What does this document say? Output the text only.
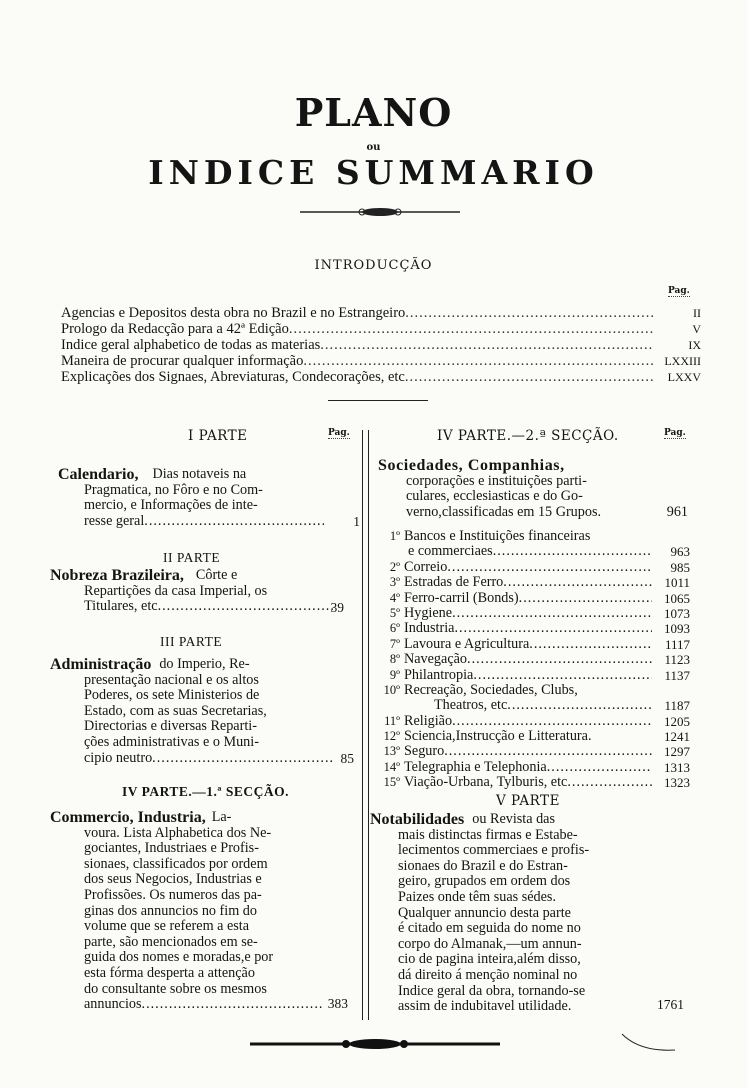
PLANO
ou
INDICE SUMMARIO
INTRODUCÇÃO
Pag.
Agencias e Depositos desta obra no Brazil e no Estrangeiro .....	II
Prologo da Redacção para a 42ª Edição .....	V
Indice geral alphabetico de todas as materias .....	IX
Maneira de procurar qualquer informação .....	LXXIII
Explicações dos Signaes, Abreviaturas, Condecorações, etc .....	LXXV
I PARTE	Pag.
Calendario, Dias notaveis na
Pragmatica, no Fôro e no Com-
mercio, e Informações de inte-
resse geral .....	1
II PARTE
Nobreza Brazileira, Côrte e
Repartições da casa Imperial, os
Titulares, etc .....	39
III PARTE
Administração do Imperio, Re-
presentação nacional e os altos
Poderes, os sete Ministerios de
Estado, com as suas Secretarias,
Directorias e diversas Reparti-
ções administrativas e o Muni-
cipio neutro .....	85
IV PARTE.—1.ª SECÇÃO.
Commercio, Industria, La-
voura. Lista Alphabetica dos Ne-
gociantes, Industriaes e Profis-
sionaes, classificados por ordem
dos seus Negocios, Industrias e
Profissões. Os numeros das pa-
ginas dos annuncios no fim do
volume que se referem a esta
parte, são mencionados em se-
guida dos nomes e moradas,e por
esta fórma desperta a attenção
do consultante sobre os mesmos
annuncios .....	383
IV PARTE.—2.ª SECÇÃO.	Pag.
Sociedades, Companhias,
corporações e instituições parti-
culares, ecclesiasticas e do Go-
verno,classificadas em 15 Grupos.	961
1º Bancos e Instituições financeiras
e commerciaes .....	963
2º Correio .....	985
3º Estradas de Ferro .....	1011
4º Ferro-carril (Bonds) .....	1065
5º Hygiene .....	1073
6º Industria .....	1093
7º Lavoura e Agricultura .....	1117
8º Navegação .....	1123
9º Philantropia .....	1137
10º Recreação, Sociedades, Clubs,
Theatros, etc .....	1187
11º Religião .....	1205
12º Sciencia,Instrucção e Litteratura.	1241
13º Seguro .....	1297
14º Telegraphia e Telephonia .....	1313
15º Viação-Urbana, Tylburis, etc .....	1323
V PARTE
Notabilidades ou Revista das
mais distinctas firmas e Estabe-
lecimentos commerciaes e profis-
sionaes do Brazil e do Estran-
geiro, grupados em ordem dos
Paizes onde têm suas sédes.
Qualquer annuncio desta parte
é citado em seguida do nome no
corpo do Almanak,—um annun-
cio de pagina inteira,além disso,
dá direito á menção nominal no
Indice geral da obra, tornando-se
assim de indubitavel utilidade.	1761
